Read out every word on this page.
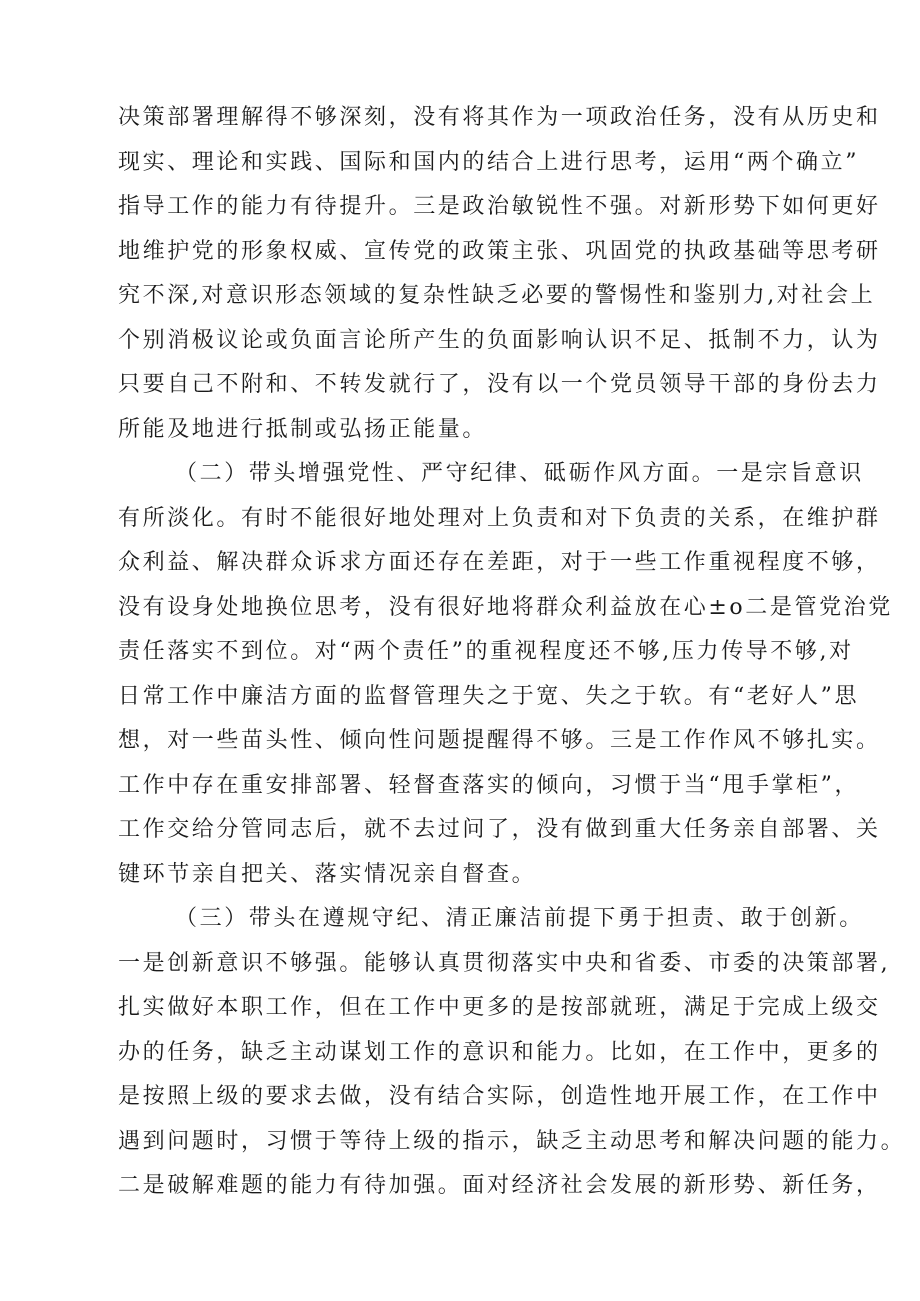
决策部署理解得不够深刻，没有将其作为一项政治任务，没有从历史和
现实、理论和实践、国际和国内的结合上进行思考，运用“两个确立”
指导工作的能力有待提升。三是政治敏锐性不强。对新形势下如何更好
地维护党的形象权威、宣传党的政策主张、巩固党的执政基础等思考研
究不深,对意识形态领域的复杂性缺乏必要的警惕性和鉴别力,对社会上
个别消极议论或负面言论所产生的负面影响认识不足、抵制不力，认为
只要自己不附和、不转发就行了，没有以一个党员领导干部的身份去力
所能及地进行抵制或弘扬正能量。
（二）带头增强党性、严守纪律、砥砺作风方面。一是宗旨意识
有所淡化。有时不能很好地处理对上负责和对下负责的关系，在维护群
众利益、解决群众诉求方面还存在差距，对于一些工作重视程度不够，
没有设身处地换位思考，没有很好地将群众利益放在心±o二是管党治党
责任落实不到位。对“两个责任”的重视程度还不够,压力传导不够,对
日常工作中廉洁方面的监督管理失之于宽、失之于软。有“老好人”思
想，对一些苗头性、倾向性问题提醒得不够。三是工作作风不够扎实。
工作中存在重安排部署、轻督查落实的倾向，习惯于当“甩手掌柜”，
工作交给分管同志后，就不去过问了，没有做到重大任务亲自部署、关
键环节亲自把关、落实情况亲自督查。
（三）带头在遵规守纪、清正廉洁前提下勇于担责、敢于创新。
一是创新意识不够强。能够认真贯彻落实中央和省委、市委的决策部署,
扎实做好本职工作，但在工作中更多的是按部就班，满足于完成上级交
办的任务，缺乏主动谋划工作的意识和能力。比如，在工作中，更多的
是按照上级的要求去做，没有结合实际，创造性地开展工作，在工作中
遇到问题时，习惯于等待上级的指示，缺乏主动思考和解决问题的能力。
二是破解难题的能力有待加强。面对经济社会发展的新形势、新任务，
